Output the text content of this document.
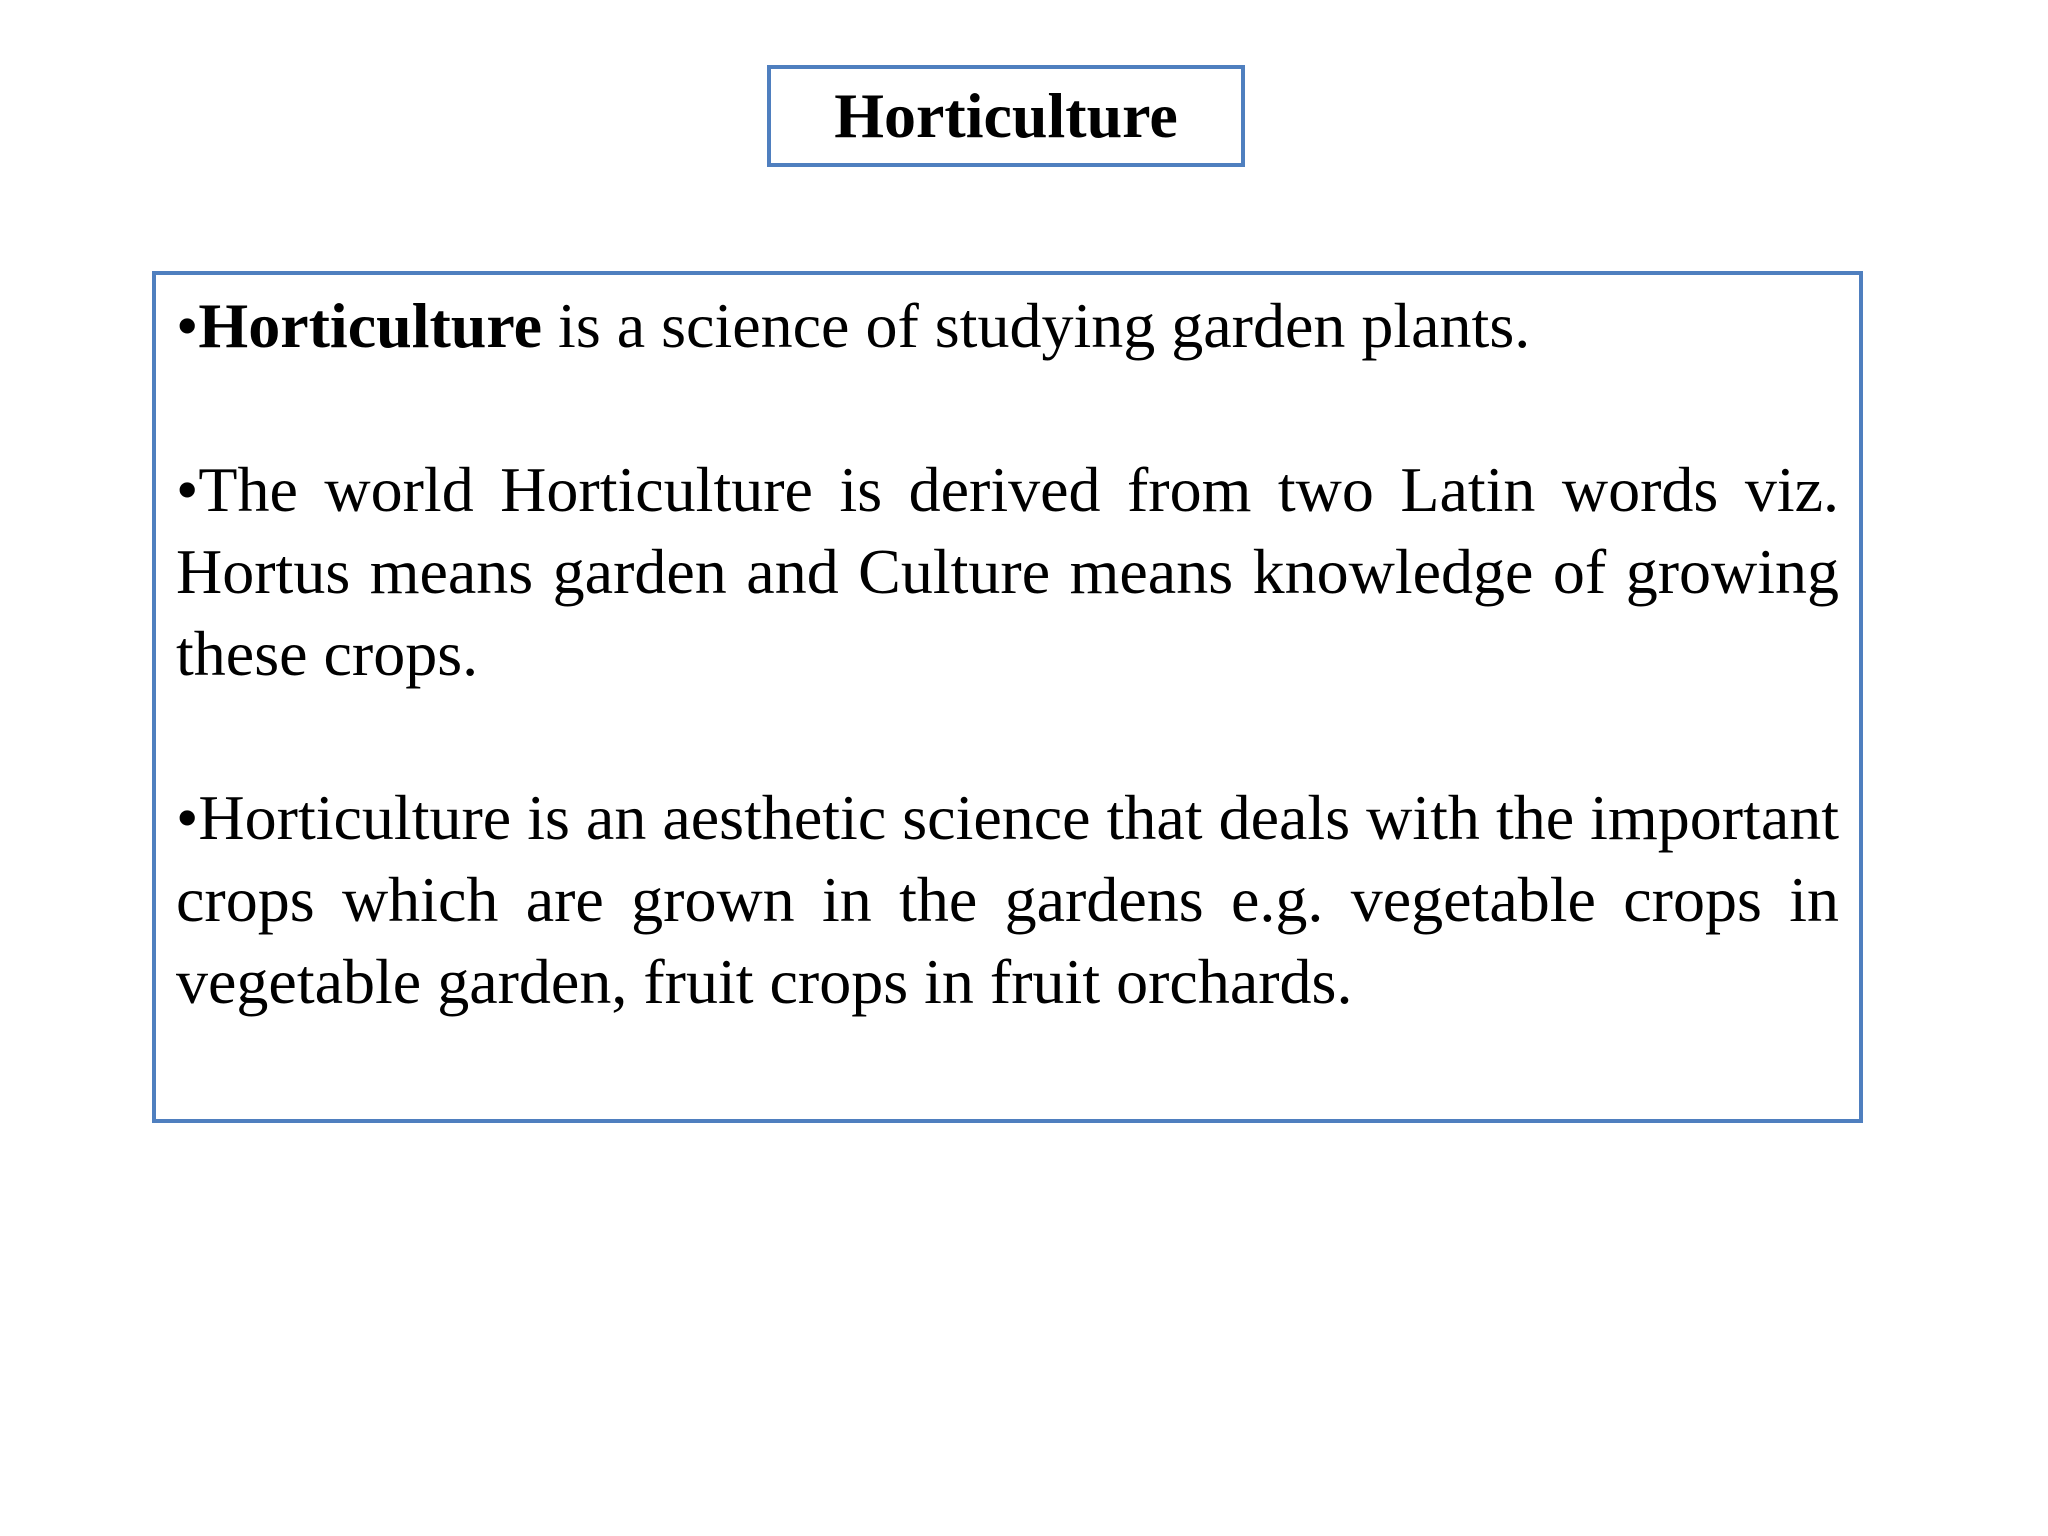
Horticulture

•Horticulture is a science of studying garden plants.

•The world Horticulture is derived from two Latin words viz. Hortus means garden and Culture means knowledge of growing these crops.

•Horticulture is an aesthetic science that deals with the important crops which are grown in the gardens e.g. vegetable crops in vegetable garden, fruit crops in fruit orchards.
